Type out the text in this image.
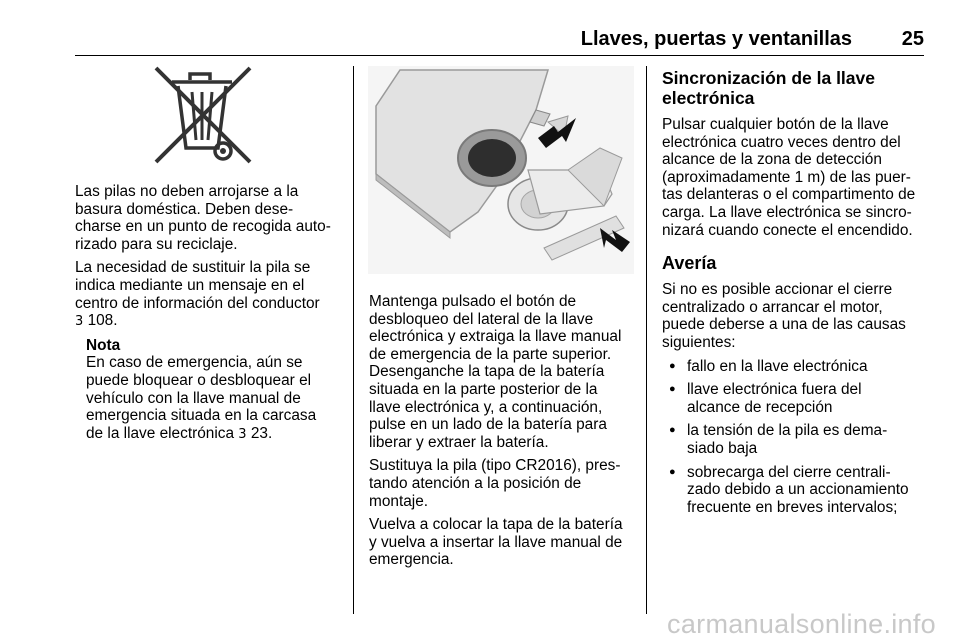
Llaves, puertas y ventanillas 25

Las pilas no deben arrojarse a la
basura doméstica. Deben dese-
charse en un punto de recogida auto-
rizado para su reciclaje.

La necesidad de sustituir la pila se
indica mediante un mensaje en el
centro de información del conductor
3 108.

Nota
En caso de emergencia, aún se
puede bloquear o desbloquear el
vehículo con la llave manual de
emergencia situada en la carcasa
de la llave electrónica 3 23.

Mantenga pulsado el botón de
desbloqueo del lateral de la llave
electrónica y extraiga la llave manual
de emergencia de la parte superior.
Desenganche la tapa de la batería
situada en la parte posterior de la
llave electrónica y, a continuación,
pulse en un lado de la batería para
liberar y extraer la batería.

Sustituya la pila (tipo CR2016), pres-
tando atención a la posición de
montaje.

Vuelva a colocar la tapa de la batería
y vuelva a insertar la llave manual de
emergencia.

Sincronización de la llave
electrónica

Pulsar cualquier botón de la llave
electrónica cuatro veces dentro del
alcance de la zona de detección
(aproximadamente 1 m) de las puer-
tas delanteras o el compartimento de
carga. La llave electrónica se sincro-
nizará cuando conecte el encendido.

Avería

Si no es posible accionar el cierre
centralizado o arrancar el motor,
puede deberse a una de las causas
siguientes:

● fallo en la llave electrónica
● llave electrónica fuera del
alcance de recepción
● la tensión de la pila es dema-
siado baja
● sobrecarga del cierre centrali-
zado debido a un accionamiento
frecuente en breves intervalos;
carmanualsonline.info
